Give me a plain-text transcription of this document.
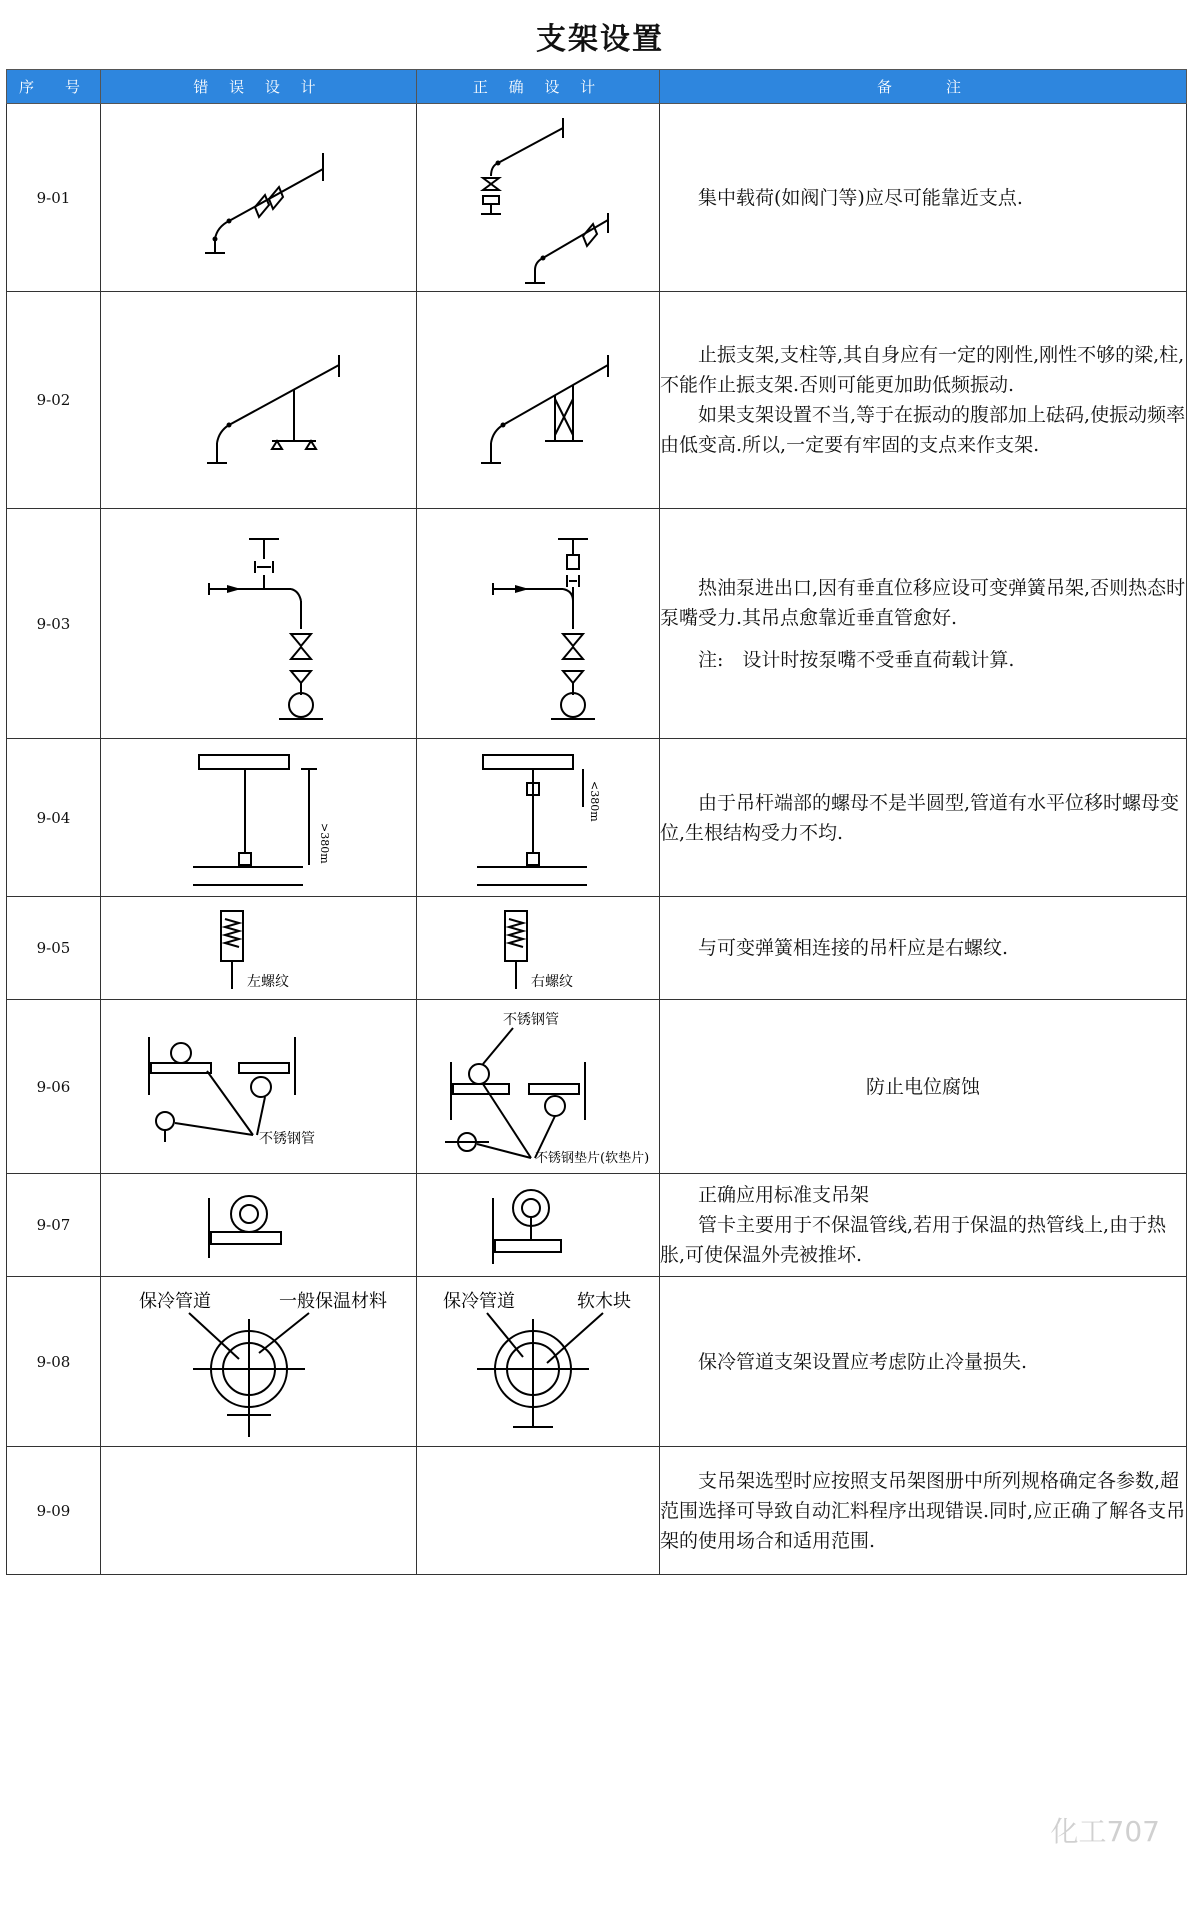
支架设置
序　号	错 误 设 计	正 确 设 计	备　　注
9-01			集中载荷(如阀门等)应尽可能靠近支点.

9-02			止振支架,支柱等,其自身应有一定的刚性,刚性不够的梁,柱,不能作止振支架.否则可能更加助低频振动.

如果支架设置不当,等于在振动的腹部加上砝码,使振动频率由低变高.所以,一定要有牢固的支点来作支架.

9-03			热油泵进出口,因有垂直位移应设可变弹簧吊架,否则热态时泵嘴受力.其吊点愈靠近垂直管愈好.

注:　设计时按泵嘴不受垂直荷载计算.

9-04	>380m	<380m	由于吊杆端部的螺母不是半圆型,管道有水平位移时螺母变位,生根结构受力不均.

9-05	左螺纹	右螺纹	与可变弹簧相连接的吊杆应是右螺纹.

9-06	不锈钢管	不锈钢管
不锈钢垫片(软垫片)	防止电位腐蚀

9-07			正确应用标准支吊架

管卡主要用于不保温管线,若用于保温的热管线上,由于热胀,可使保温外壳被推坏.

9-08	保冷管道 一般保温材料	保冷管道 软木块	保冷管道支架设置应考虑防止冷量损失.

9-09			支吊架选型时应按照支吊架图册中所列规格确定各参数,超范围选择可导致自动汇料程序出现错误.同时,应正确了解各支吊架的使用场合和适用范围.

化工707
